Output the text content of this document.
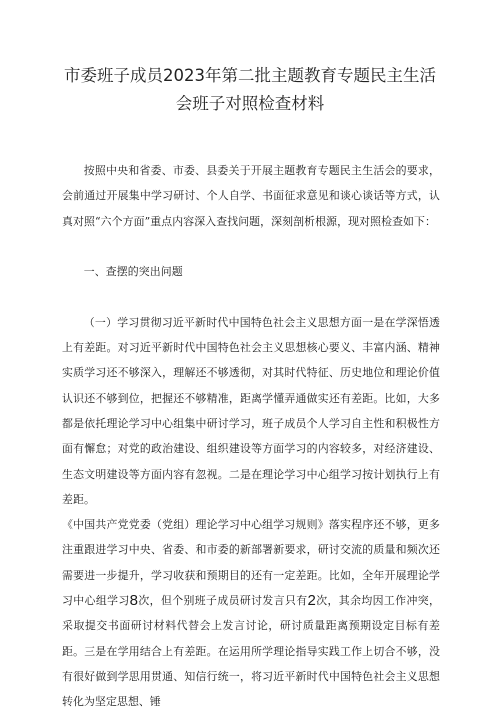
市委班子成员2023年第二批主题教育专题民主生活
会班子对照检查材料

按照中央和省委、市委、县委关于开展主题教育专题民主生活会的要求，会前通过开展集中学习研讨、个人自学、书面征求意见和谈心谈话等方式，认真对照“六个方面”重点内容深入查找问题，深刻剖析根源，现对照检查如下：

一、查摆的突出问题

（一）学习贯彻习近平新时代中国特色社会主义思想方面一是在学深悟透上有差距。对习近平新时代中国特色社会主义思想核心要义、丰富内涵、精神实质学习还不够深入，理解还不够透彻，对其时代特征、历史地位和理论价值认识还不够到位，把握还不够精准，距离学懂弄通做实还有差距。比如，大多都是依托理论学习中心组集中研讨学习，班子成员个人学习自主性和积极性方面有懈怠；对党的政治建设、组织建设等方面学习的内容较多，对经济建设、生态文明建设等方面内容有忽视。二是在理论学习中心组学习按计划执行上有差距。

《中国共产党党委（党组）理论学习中心组学习规则》落实程序还不够，更多注重跟进学习中央、省委、和市委的新部署新要求，研讨交流的质量和频次还需要进一步提升，学习收获和预期目的还有一定差距。比如，全年开展理论学习中心组学习8次，但个别班子成员研讨发言只有2次，其余均因工作冲突，采取提交书面研讨材料代替会上发言讨论，研讨质量距离预期设定目标有差距。三是在学用结合上有差距。在运用所学理论指导实践工作上切合不够，没有很好做到学思用贯通、知信行统一，将习近平新时代中国特色社会主义思想转化为坚定思想、锤
